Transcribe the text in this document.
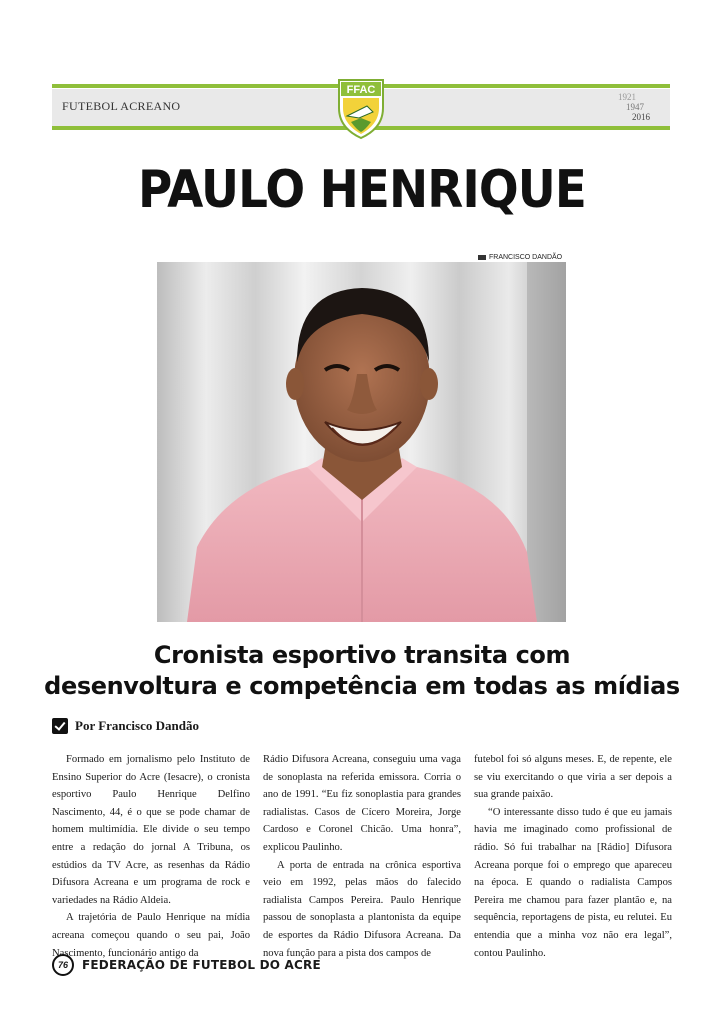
FUTEBOL ACREANO
1921
1947
2016
FFAC
PAULO HENRIQUE
FRANCISCO DANDÃO
Cronista esportivo transita com
desenvoltura e competência em todas as mídias
Por Francisco Dandão

Formado em jornalismo pelo Instituto de Ensino Superior do Acre (Iesacre), o cronista esportivo Paulo Henrique Delfino Nascimento, 44, é o que se pode chamar de homem multimídia. Ele divide o seu tempo entre a redação do jornal A Tribuna, os estúdios da TV Acre, as resenhas da Rádio Difusora Acreana e um programa de rock e variedades na Rádio Aldeia.

A trajetória de Paulo Henrique na mídia acreana começou quando o seu pai, João Nascimento, funcionário antigo da

Rádio Difusora Acreana, conseguiu uma vaga de sonoplasta na referida emissora. Corria o ano de 1991. “Eu fiz sonoplastia para grandes radialistas. Casos de Cícero Moreira, Jorge Cardoso e Coronel Chicão. Uma honra”, explicou Paulinho.

A porta de entrada na crônica esportiva veio em 1992, pelas mãos do falecido radialista Campos Pereira. Paulo Henrique passou de sonoplasta a plantonista da equipe de esportes da Rádio Difusora Acreana. Da nova função para a pista dos campos de

futebol foi só alguns meses. E, de repente, ele se viu exercitando o que viria a ser depois a sua grande paixão.

“O interessante disso tudo é que eu jamais havia me imaginado como profissional de rádio. Só fui trabalhar na [Rádio] Difusora Acreana porque foi o emprego que apareceu na época. E quando o radialista Campos Pereira me chamou para fazer plantão e, na sequência, reportagens de pista, eu relutei. Eu entendia que a minha voz não era legal”, contou Paulinho.

76	FEDERAÇÃO DE FUTEBOL DO ACRE
